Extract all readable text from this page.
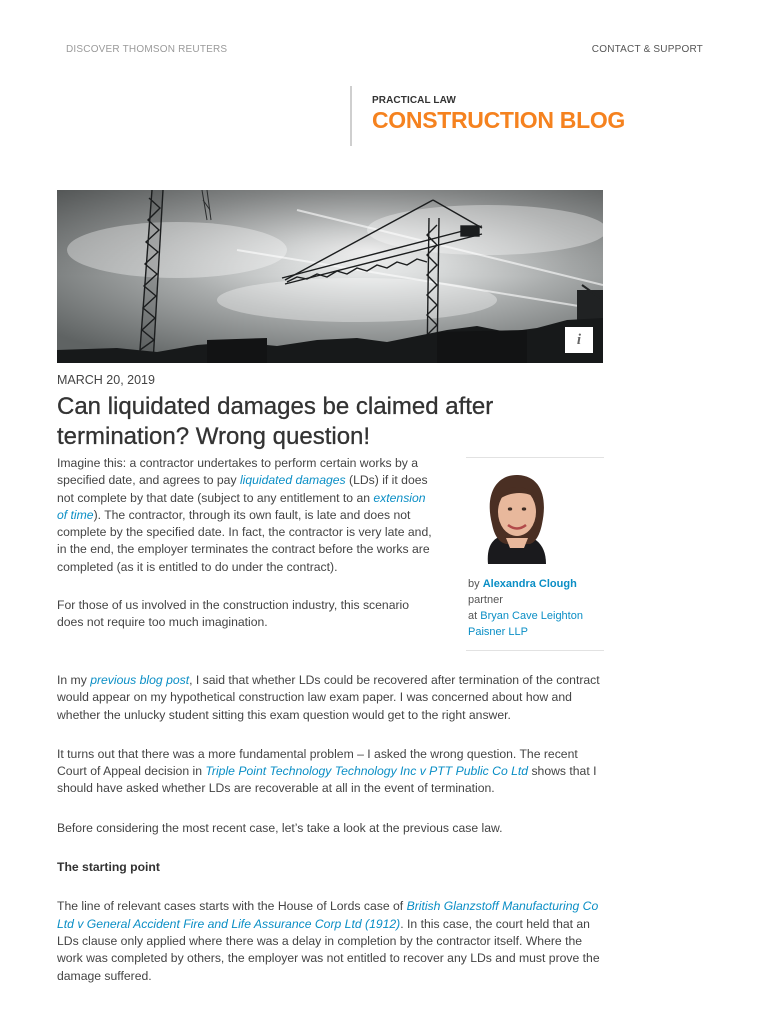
DISCOVER THOMSON REUTERS	CONTACT & SUPPORT
PRACTICAL LAW
CONSTRUCTION BLOG
i
MARCH 20, 2019
Can liquidated damages be claimed after termination? Wrong question!

Imagine this: a contractor undertakes to perform certain works by a specified date, and agrees to pay liquidated damages (LDs) if it does not complete by that date (subject to any entitlement to an extension of time). The contractor, through its own fault, is late and does not complete by the specified date. In fact, the contractor is very late and, in the end, the employer terminates the contract before the works are completed (as it is entitled to do under the contract).

For those of us involved in the construction industry, this scenario does not require too much imagination.

by Alexandra Clough
partner
at Bryan Cave Leighton Paisner LLP

In my previous blog post, I said that whether LDs could be recovered after termination of the contract would appear on my hypothetical construction law exam paper. I was concerned about how and whether the unlucky student sitting this exam question would get to the right answer.

It turns out that there was a more fundamental problem – I asked the wrong question. The recent Court of Appeal decision in Triple Point Technology Technology Inc v PTT Public Co Ltd shows that I should have asked whether LDs are recoverable at all in the event of termination.

Before considering the most recent case, let’s take a look at the previous case law.

The starting point

The line of relevant cases starts with the House of Lords case of British Glanzstoff Manufacturing Co Ltd v General Accident Fire and Life Assurance Corp Ltd (1912). In this case, the court held that an LDs clause only applied where there was a delay in completion by the contractor itself. Where the work was completed by others, the employer was not entitled to recover any LDs and must prove the damage suffered.
